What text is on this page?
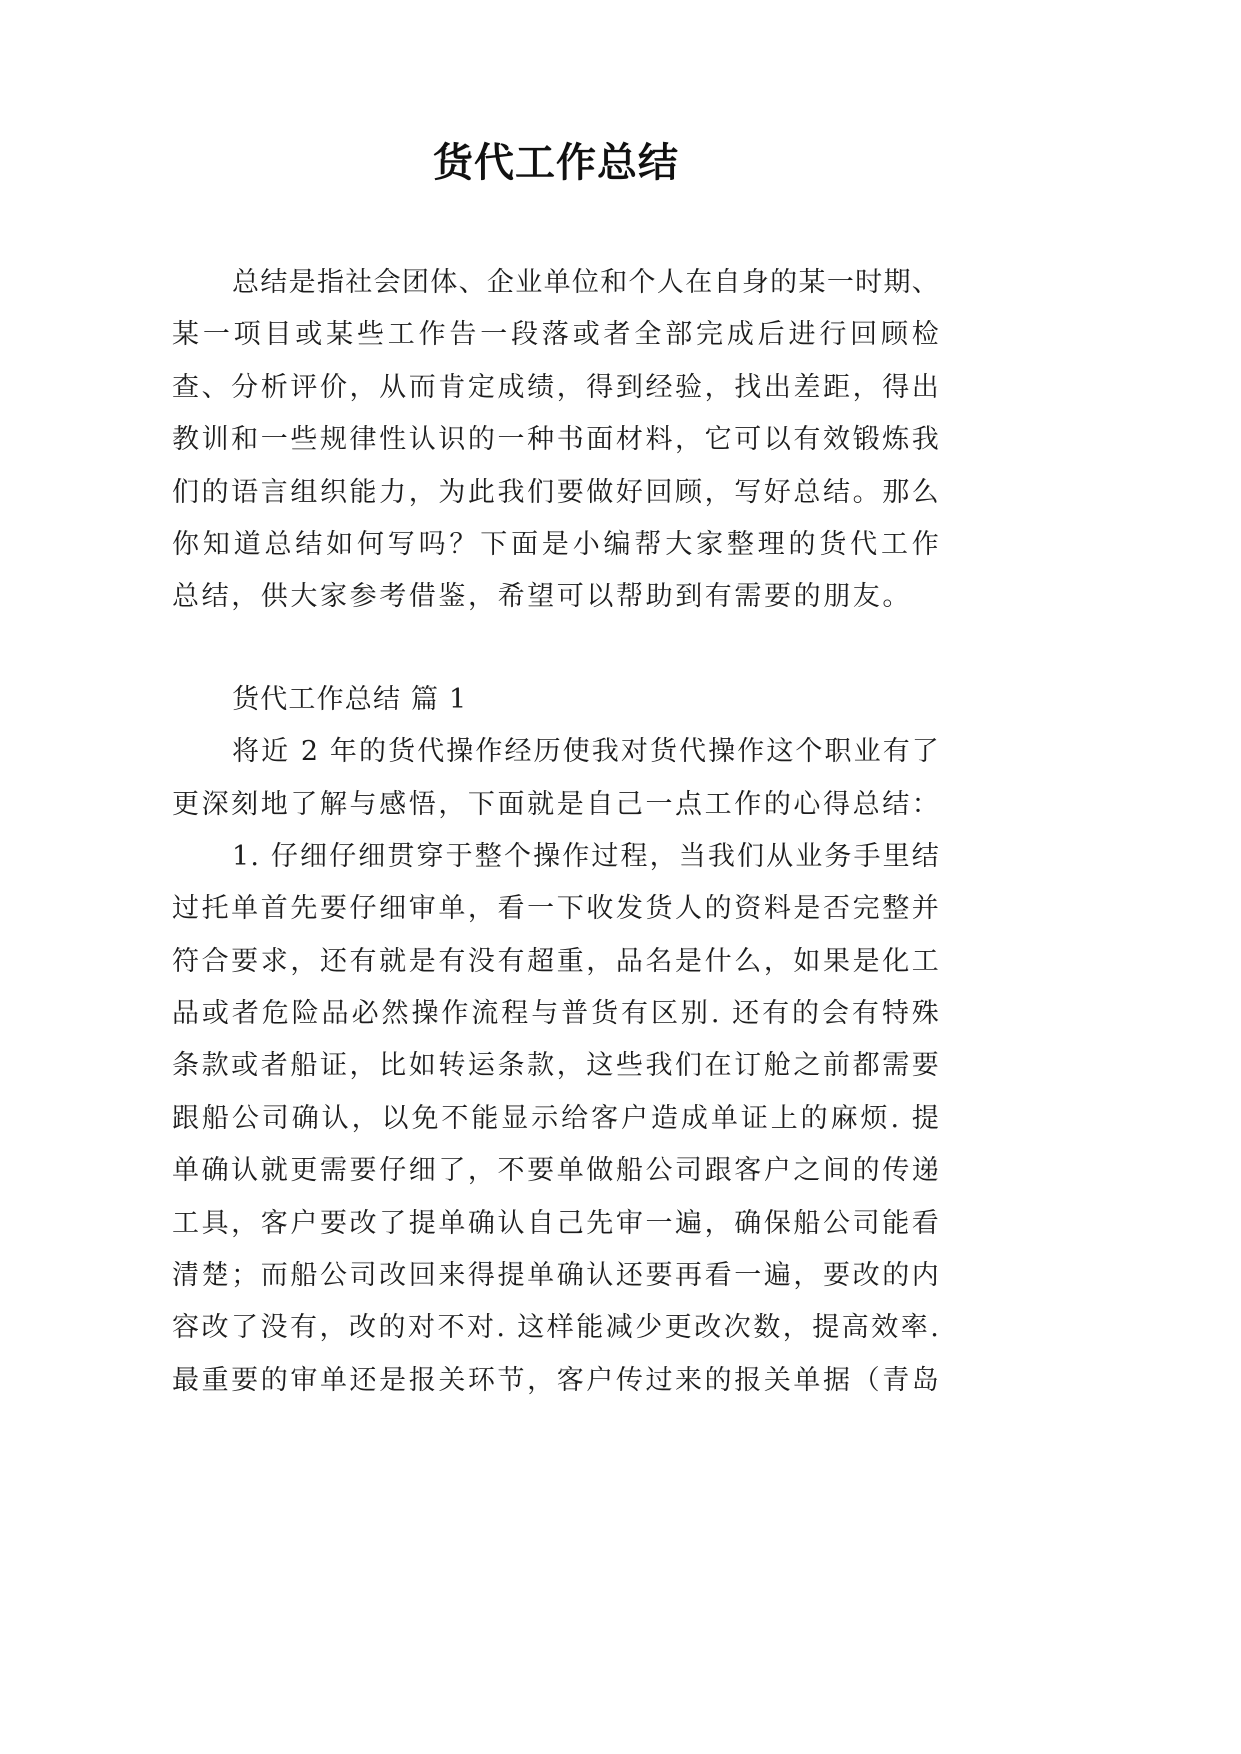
货代工作总结
总结是指社会团体、企业单位和个人在自身的某一时期、
某一项目或某些工作告一段落或者全部完成后进行回顾检
查、分析评价，从而肯定成绩，得到经验，找出差距，得出
教训和一些规律性认识的一种书面材料，它可以有效锻炼我
们的语言组织能力，为此我们要做好回顾，写好总结。那么
你知道总结如何写吗？下面是小编帮大家整理的货代工作
总结，供大家参考借鉴，希望可以帮助到有需要的朋友。
货代工作总结 篇 1
将近 2 年的货代操作经历使我对货代操作这个职业有了
更深刻地了解与感悟，下面就是自己一点工作的心得总结：
1. 仔细仔细贯穿于整个操作过程，当我们从业务手里结
过托单首先要仔细审单，看一下收发货人的资料是否完整并
符合要求，还有就是有没有超重，品名是什么，如果是化工
品或者危险品必然操作流程与普货有区别. 还有的会有特殊
条款或者船证，比如转运条款，这些我们在订舱之前都需要
跟船公司确认，以免不能显示给客户造成单证上的麻烦. 提
单确认就更需要仔细了，不要单做船公司跟客户之间的传递
工具，客户要改了提单确认自己先审一遍，确保船公司能看
清楚；而船公司改回来得提单确认还要再看一遍，要改的内
容改了没有，改的对不对. 这样能减少更改次数，提高效率.
最重要的审单还是报关环节，客户传过来的报关单据（青岛
